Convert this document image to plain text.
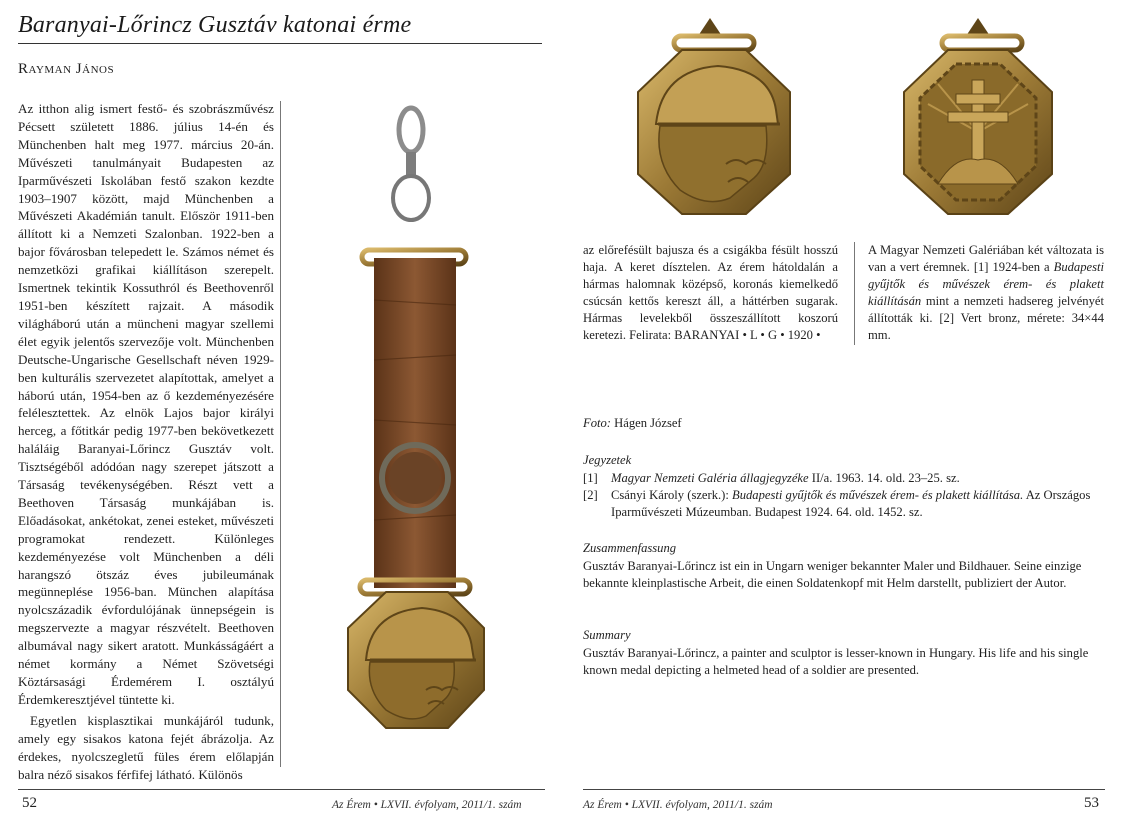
Baranyai-Lőrincz Gusztáv katonai érme
Rayman János

Az itthon alig ismert festő- és szobrászművész Pécsett született 1886. július 14-én és Münchenben halt meg 1977. március 20-án. Művészeti tanulmányait Budapesten az Iparművészeti Iskolában festő szakon kezdte 1903–1907 között, majd Münchenben a Művészeti Akadémián tanult. Először 1911-ben állított ki a Nemzeti Szalonban. 1922-ben a bajor fővárosban telepedett le. Számos német és nemzetközi grafikai kiállításon szerepelt. Ismertnek tekintik Kossuthról és Beethovenről 1951-ben készített rajzait. A második világháború után a müncheni magyar szellemi élet egyik jelentős szervezője volt. Münchenben Deutsche-Ungarische Gesellschaft néven 1929-ben kulturális szervezetet alapítottak, amelyet a háború után, 1954-ben az ő kezdeményezésére felélesztettek. Az elnök Lajos bajor királyi herceg, a főtitkár pedig 1977-ben bekövetkezett haláláig Baranyai-Lőrincz Gusztáv volt. Tisztségéből adódóan nagy szerepet játszott a Társaság tevékenységében. Részt vett a Beethoven Társaság munkájában is. Előadásokat, ankétokat, zenei esteket, művészeti programokat rendezett. Különleges kezdeményezése volt Münchenben a déli harangszó ötszáz éves jubileumának megünneplése 1956-ban. München alapítása nyolcszázadik évfordulójának ünnepségein is megszervezte a magyar részvételt. Beethoven albumával nagy sikert aratott. Munkásságáért a német kormány a Német Szövetségi Köztársasági Érdemérem I. osztályú Érdemkeresztjével tüntette ki.

Egyetlen kisplasztikai munkájáról tudunk, amely egy sisakos katona fejét ábrázolja. Az érdekes, nyolcszegletű füles érem előlapján balra néző sisakos férfifej látható. Különös

az előrefésült bajusza és a csigákba fésült hosszú haja. A keret dísztelen. Az érem hátoldalán a hármas halomnak középső, koronás kiemelkedő csúcsán kettős kereszt áll, a háttérben sugarak. Hármas levelekből összeszállított koszorú keretezi. Felirata: BARANYAI • L • G • 1920 •
A Magyar Nemzeti Galériában két változata is van a vert éremnek. [1] 1924-ben a Budapesti gyűjtők és művészek érem- és plakett kiállításán mint a nemzeti hadsereg jelvényét állították ki. [2] Vert bronz, mérete: 34×44 mm.
Foto: Hágen József
Jegyzetek
[1]	Magyar Nemzeti Galéria állagjegyzéke II/a. 1963. 14. old. 23–25. sz.
[2]	Csányi Károly (szerk.): Budapesti gyűjtők és művészek érem- és plakett kiállítása. Az Országos Iparművészeti Múzeumban. Budapest 1924. 64. old. 1452. sz.
Zusammenfassung
Gusztáv Baranyai-Lőrincz ist ein in Ungarn weniger bekannter Maler und Bildhauer. Seine einzige bekannte kleinplastische Arbeit, die einen Soldatenkopf mit Helm darstellt, publiziert der Autor.
Summary
Gusztáv Baranyai-Lőrincz, a painter and sculptor is lesser-known in Hungary. His life and his single known medal depicting a helmeted head of a soldier are presented.
52	Az Érem • LXVII. évfolyam, 2011/1. szám	Az Érem • LXVII. évfolyam, 2011/1. szám	53
